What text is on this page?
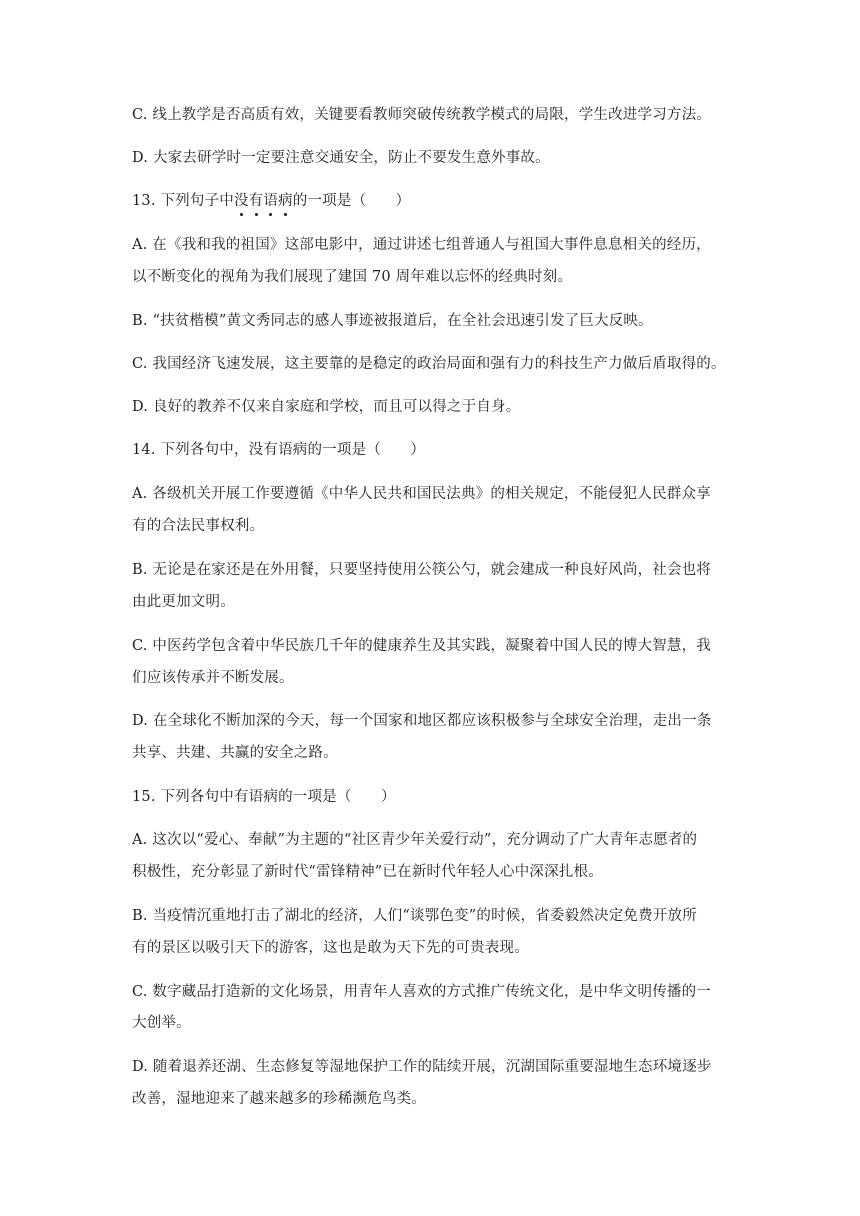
C. 线上教学是否高质有效，关键要看教师突破传统教学模式的局限，学生改进学习方法。

D. 大家去研学时一定要注意交通安全，防止不要发生意外事故。

13. 下列句子中没有语病的一项是（　　）

A. 在《我和我的祖国》这部电影中，通过讲述七组普通人与祖国大事件息息相关的经历，

以不断变化的视角为我们展现了建国 70 周年难以忘怀的经典时刻。

B. “扶贫楷模”黄文秀同志的感人事迹被报道后，在全社会迅速引发了巨大反映。

C. 我国经济飞速发展，这主要靠的是稳定的政治局面和强有力的科技生产力做后盾取得的。

D. 良好的教养不仅来自家庭和学校，而且可以得之于自身。

14. 下列各句中，没有语病的一项是（　　）

A. 各级机关开展工作要遵循《中华人民共和国民法典》的相关规定，不能侵犯人民群众享

有的合法民事权利。

B. 无论是在家还是在外用餐，只要坚持使用公筷公勺，就会建成一种良好风尚，社会也将

由此更加文明。

C. 中医药学包含着中华民族几千年的健康养生及其实践，凝聚着中国人民的博大智慧，我

们应该传承并不断发展。

D. 在全球化不断加深的今天，每一个国家和地区都应该积极参与全球安全治理，走出一条

共享、共建、共赢的安全之路。

15. 下列各句中有语病的一项是（　　）

A. 这次以“爱心、奉献”为主题的“社区青少年关爱行动”，充分调动了广大青年志愿者的

积极性，充分彰显了新时代“雷锋精神”已在新时代年轻人心中深深扎根。

B. 当疫情沉重地打击了湖北的经济，人们“谈鄂色变”的时候，省委毅然决定免费开放所

有的景区以吸引天下的游客，这也是敢为天下先的可贵表现。

C. 数字藏品打造新的文化场景，用青年人喜欢的方式推广传统文化，是中华文明传播的一

大创举。

D. 随着退养还湖、生态修复等湿地保护工作的陆续开展，沉湖国际重要湿地生态环境逐步

改善，湿地迎来了越来越多的珍稀濒危鸟类。
